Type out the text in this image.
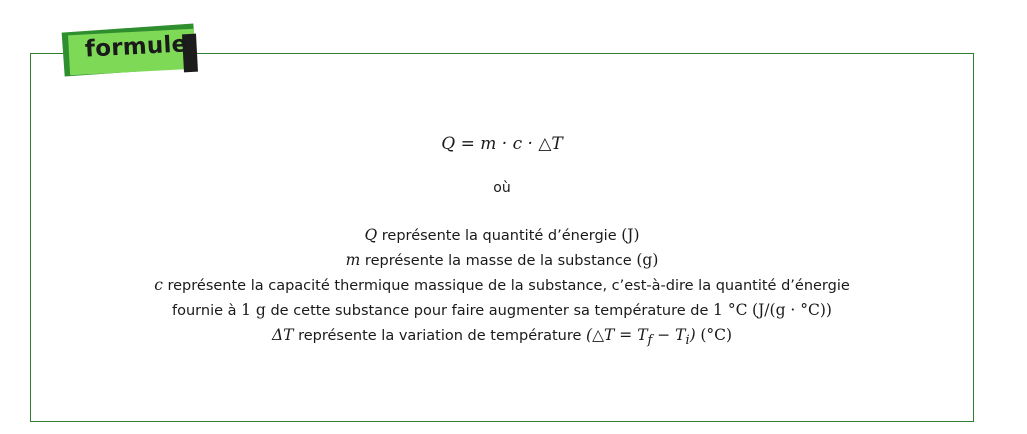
formule
Q = m · c · △T
où
Q représente la quantité d’énergie (J)
m représente la masse de la substance (g)
c représente la capacité thermique massique de la substance, c’est-à-dire la quantité d’énergie
fournie à 1 g de cette substance pour faire augmenter sa température de 1 °C (J/(g · °C))
ΔT représente la variation de température (△T = $T_f - T_i$) (°C)
